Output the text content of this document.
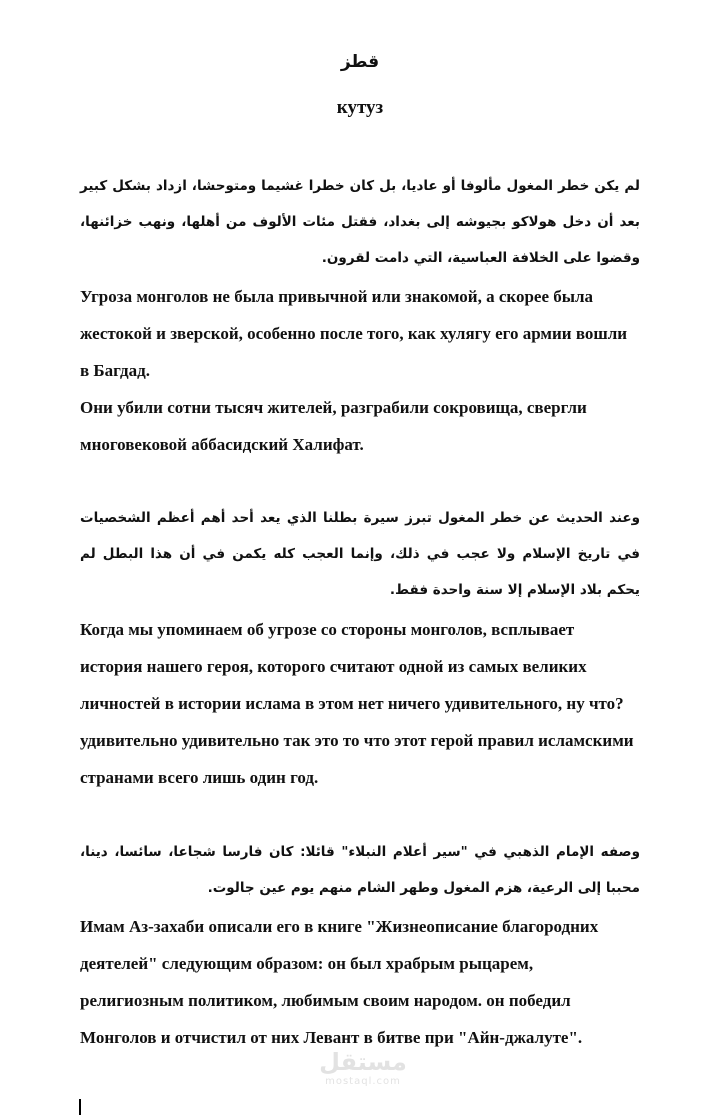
قطز
кутуз
لم يكن خطر المغول مألوفا أو عاديا، بل كان خطرا غشيما ومتوحشا، ازداد بشكل كبير بعد أن دخل هولاكو بجيوشه إلى بغداد، فقتل مئات الألوف من أهلها، ونهب خزائنها، وقضوا على الخلافة العباسية، التي دامت لقرون.
Угроза монголов не была привычной или знакомой, а скорее была жестокой и зверской, особенно после того, как хулягу его армии вошли в Багдад.
Они убили сотни тысяч жителей, разграбили сокровища, свергли многовековой аббасидский Халифат.
وعند الحديث عن خطر المغول تبرز سيرة بطلنا الذي يعد أحد أهم أعظم الشخصيات في تاريخ الإسلام ولا عجب في ذلك، وإنما العجب كله يكمن في أن هذا البطل لم يحكم بلاد الإسلام إلا سنة واحدة فقط.
Когда мы упоминаем об угрозе со стороны монголов, всплывает история нашего героя, которого считают одной из самых великих личностей в истории ислама в этом нет ничего удивительного, ну что? удивительно удивительно так это то что этот герой правил исламскими странами всего лишь один год.
وصفه الإمام الذهبي في "سير أعلام النبلاء" قائلا: كان فارسا شجاعا، سائسا، دينا، محببا إلى الرعية، هزم المغول وطهر الشام منهم يوم عين جالوت.
Имам Аз-захаби описали его в книге "Жизнеописание благородних деятелей" следующим образом: он был храбрым рыцарем, религиозным политиком, любимым своим народом. он победил Монголов и отчистил от них Левант в битве при "Айн-джалуте".
مستقل
mostaql.com
